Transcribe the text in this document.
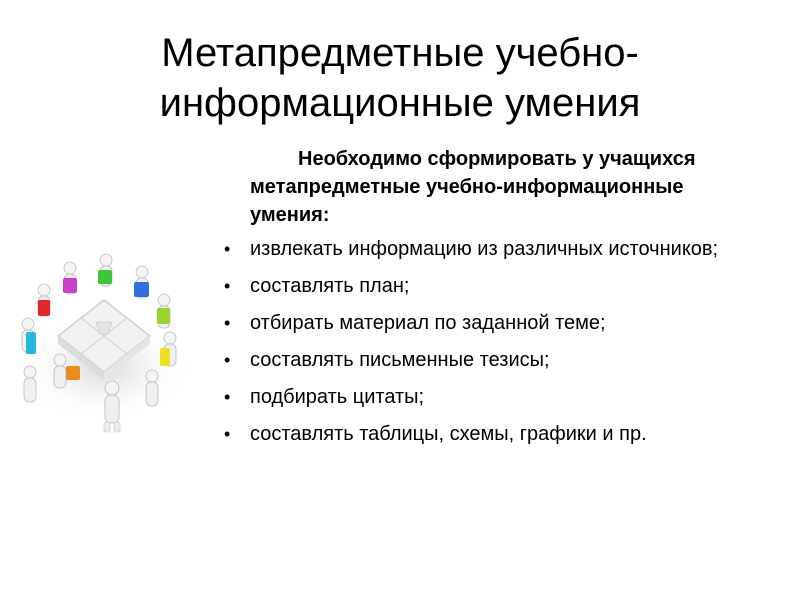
Метапредметные учебно-
информационные умения

Необходимо сформировать у учащихся метапредметные учебно-информационные умения:

• извлекать информацию из различных источников;
• составлять план;
• отбирать материал по заданной теме;
• составлять письменные тезисы;
• подбирать цитаты;
• составлять таблицы, схемы, графики и пр.
